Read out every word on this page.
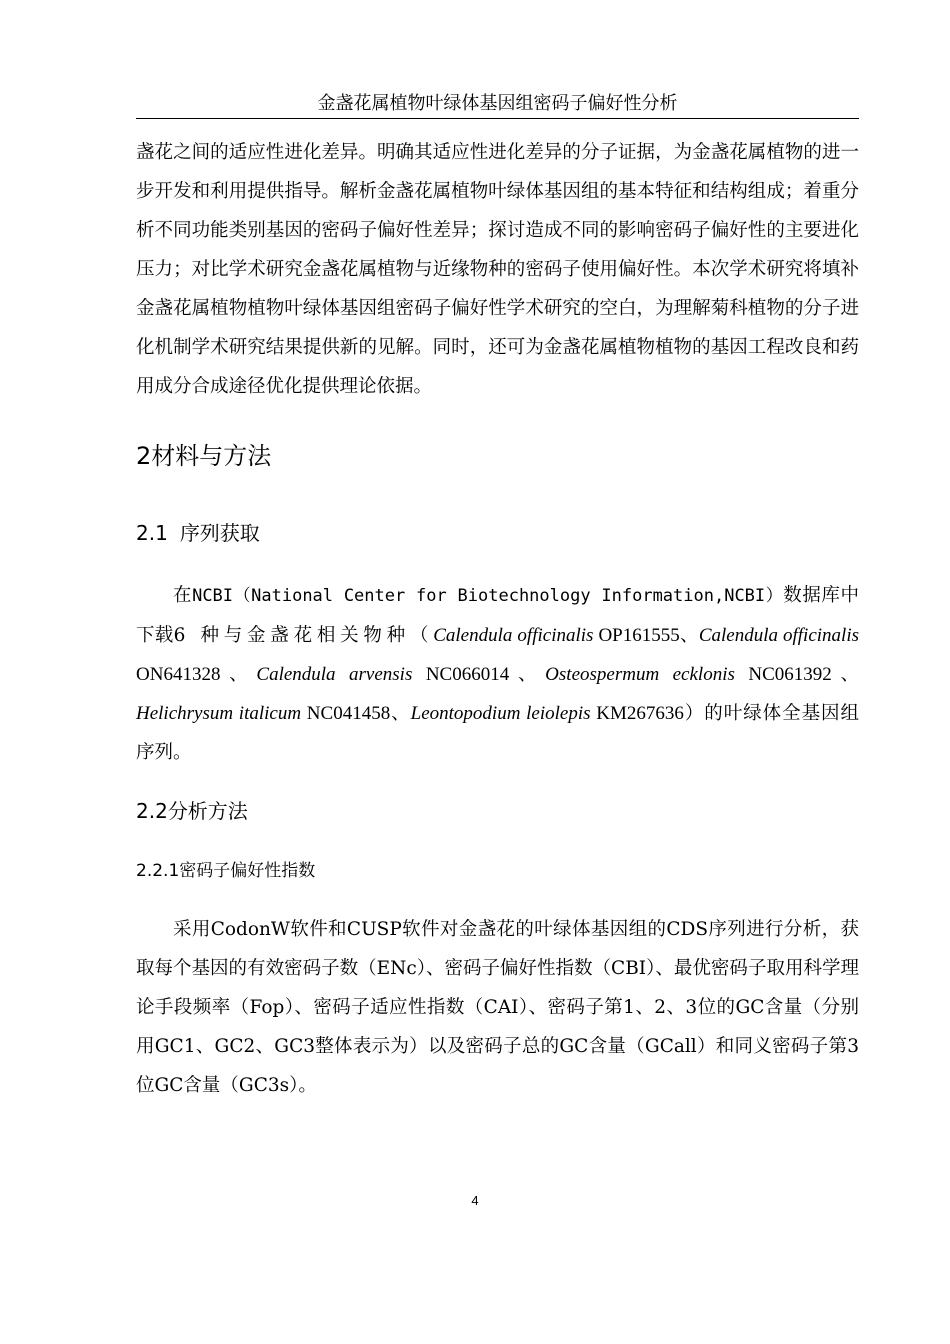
金盏花属植物叶绿体基因组密码子偏好性分析

盏花之间的适应性进化差异。明确其适应性进化差异的分子证据，为金盏花属植物的进一步开发和利用提供指导。解析金盏花属植物叶绿体基因组的基本特征和结构组成；着重分析不同功能类别基因的密码子偏好性差异；探讨造成不同的影响密码子偏好性的主要进化压力；对比学术研究金盏花属植物与近缘物种的密码子使用偏好性。本次学术研究将填补金盏花属植物植物叶绿体基因组密码子偏好性学术研究的空白，为理解菊科植物的分子进化机制学术研究结果提供新的见解。同时，还可为金盏花属植物植物的基因工程改良和药用成分合成途径优化提供理论依据。

2材料与方法
2.1 序列获取

在NCBI（National Center for Biotechnology Information,NCBI）数据库中下载6 种与金盏花相关物种（Calendula officinalis OP161555、Calendula officinalis ON641328、Calendula arvensis NC066014、Osteospermum ecklonis NC061392、Helichrysum italicum NC041458、Leontopodium leiolepis KM267636）的叶绿体全基因组序列。

2.2分析方法
2.2.1密码子偏好性指数

采用CodonW软件和CUSP软件对金盏花的叶绿体基因组的CDS序列进行分析，获取每个基因的有效密码子数（ENc）、密码子偏好性指数（CBI）、最优密码子取用科学理论手段频率（Fop）、密码子适应性指数（CAI）、密码子第1、2、3位的GC含量（分别用GC1、GC2、GC3整体表示为）以及密码子总的GC含量（GCall）和同义密码子第3位GC含量（GC3s）。

4
